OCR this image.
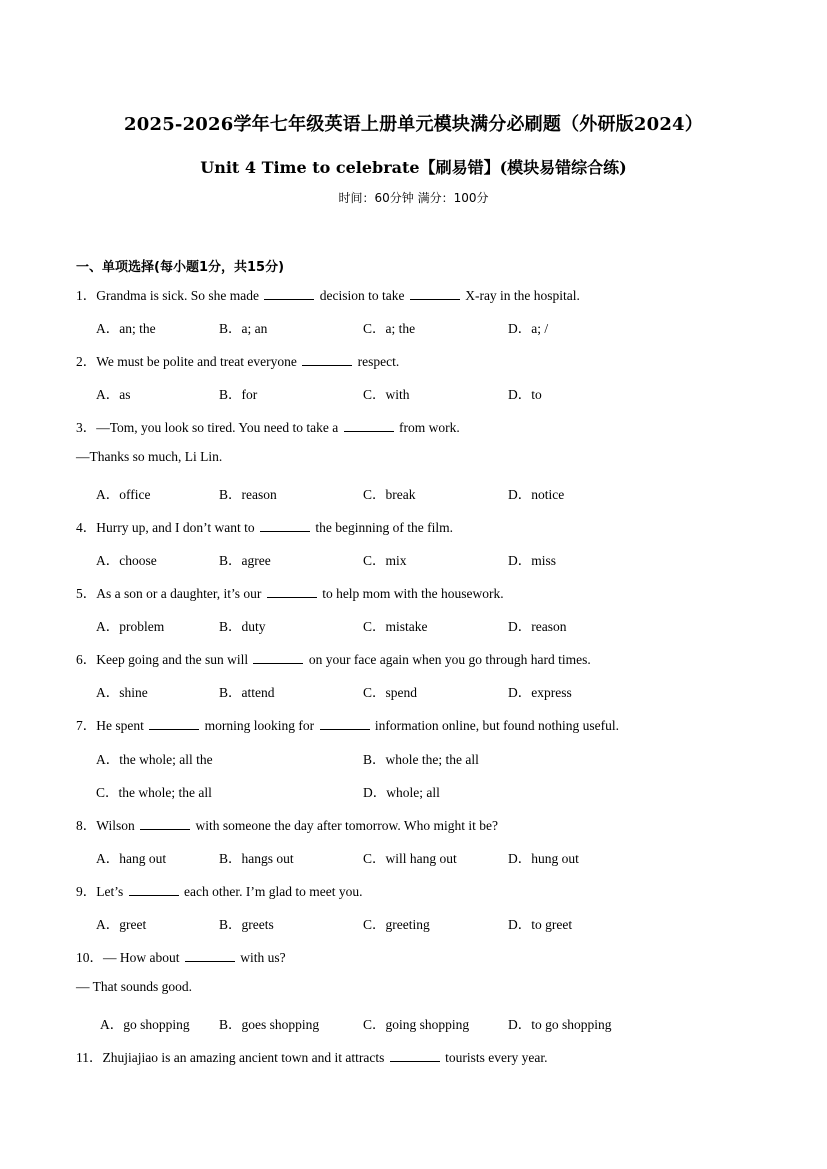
2025-2026学年七年级英语上册单元模块满分必刷题（外研版2024）
Unit 4 Time to celebrate【刷易错】(模块易错综合练)
时间：60分钟 满分：100分
一、单项选择(每小题1分，共15分)
1．Grandma is sick. So she made	decision to take	X-ray in the hospital.
A．an; the	B．a; an	C．a; the	D．a; /
2．We must be polite and treat everyone	respect.
A．as	B．for	C．with	D．to
3．—Tom, you look so tired. You need to take a	from work.
—Thanks so much, Li Lin.
A．office	B．reason	C．break	D．notice
4．Hurry up, and I don’t want to	the beginning of the film.
A．choose	B．agree	C．mix	D．miss
5．As a son or a daughter, it’s our	to help mom with the housework.
A．problem	B．duty	C．mistake	D．reason
6．Keep going and the sun will	on your face again when you go through hard times.
A．shine	B．attend	C．spend	D．express
7．He spent	morning looking for	information online, but found nothing useful.
A．the whole; all the	B．whole the; the all
C．the whole; the all	D．whole; all
8．Wilson	with someone the day after tomorrow. Who might it be?
A．hang out	B．hangs out	C．will hang out	D．hung out
9．Let’s	each other. I’m glad to meet you.
A．greet	B．greets	C．greeting	D．to greet
10．— How about	with us?
— That sounds good.
A．go shopping B．goes shopping	C．going shopping	D．to go shopping
11．Zhujiajiao is an amazing ancient town and it attracts	tourists every year.
